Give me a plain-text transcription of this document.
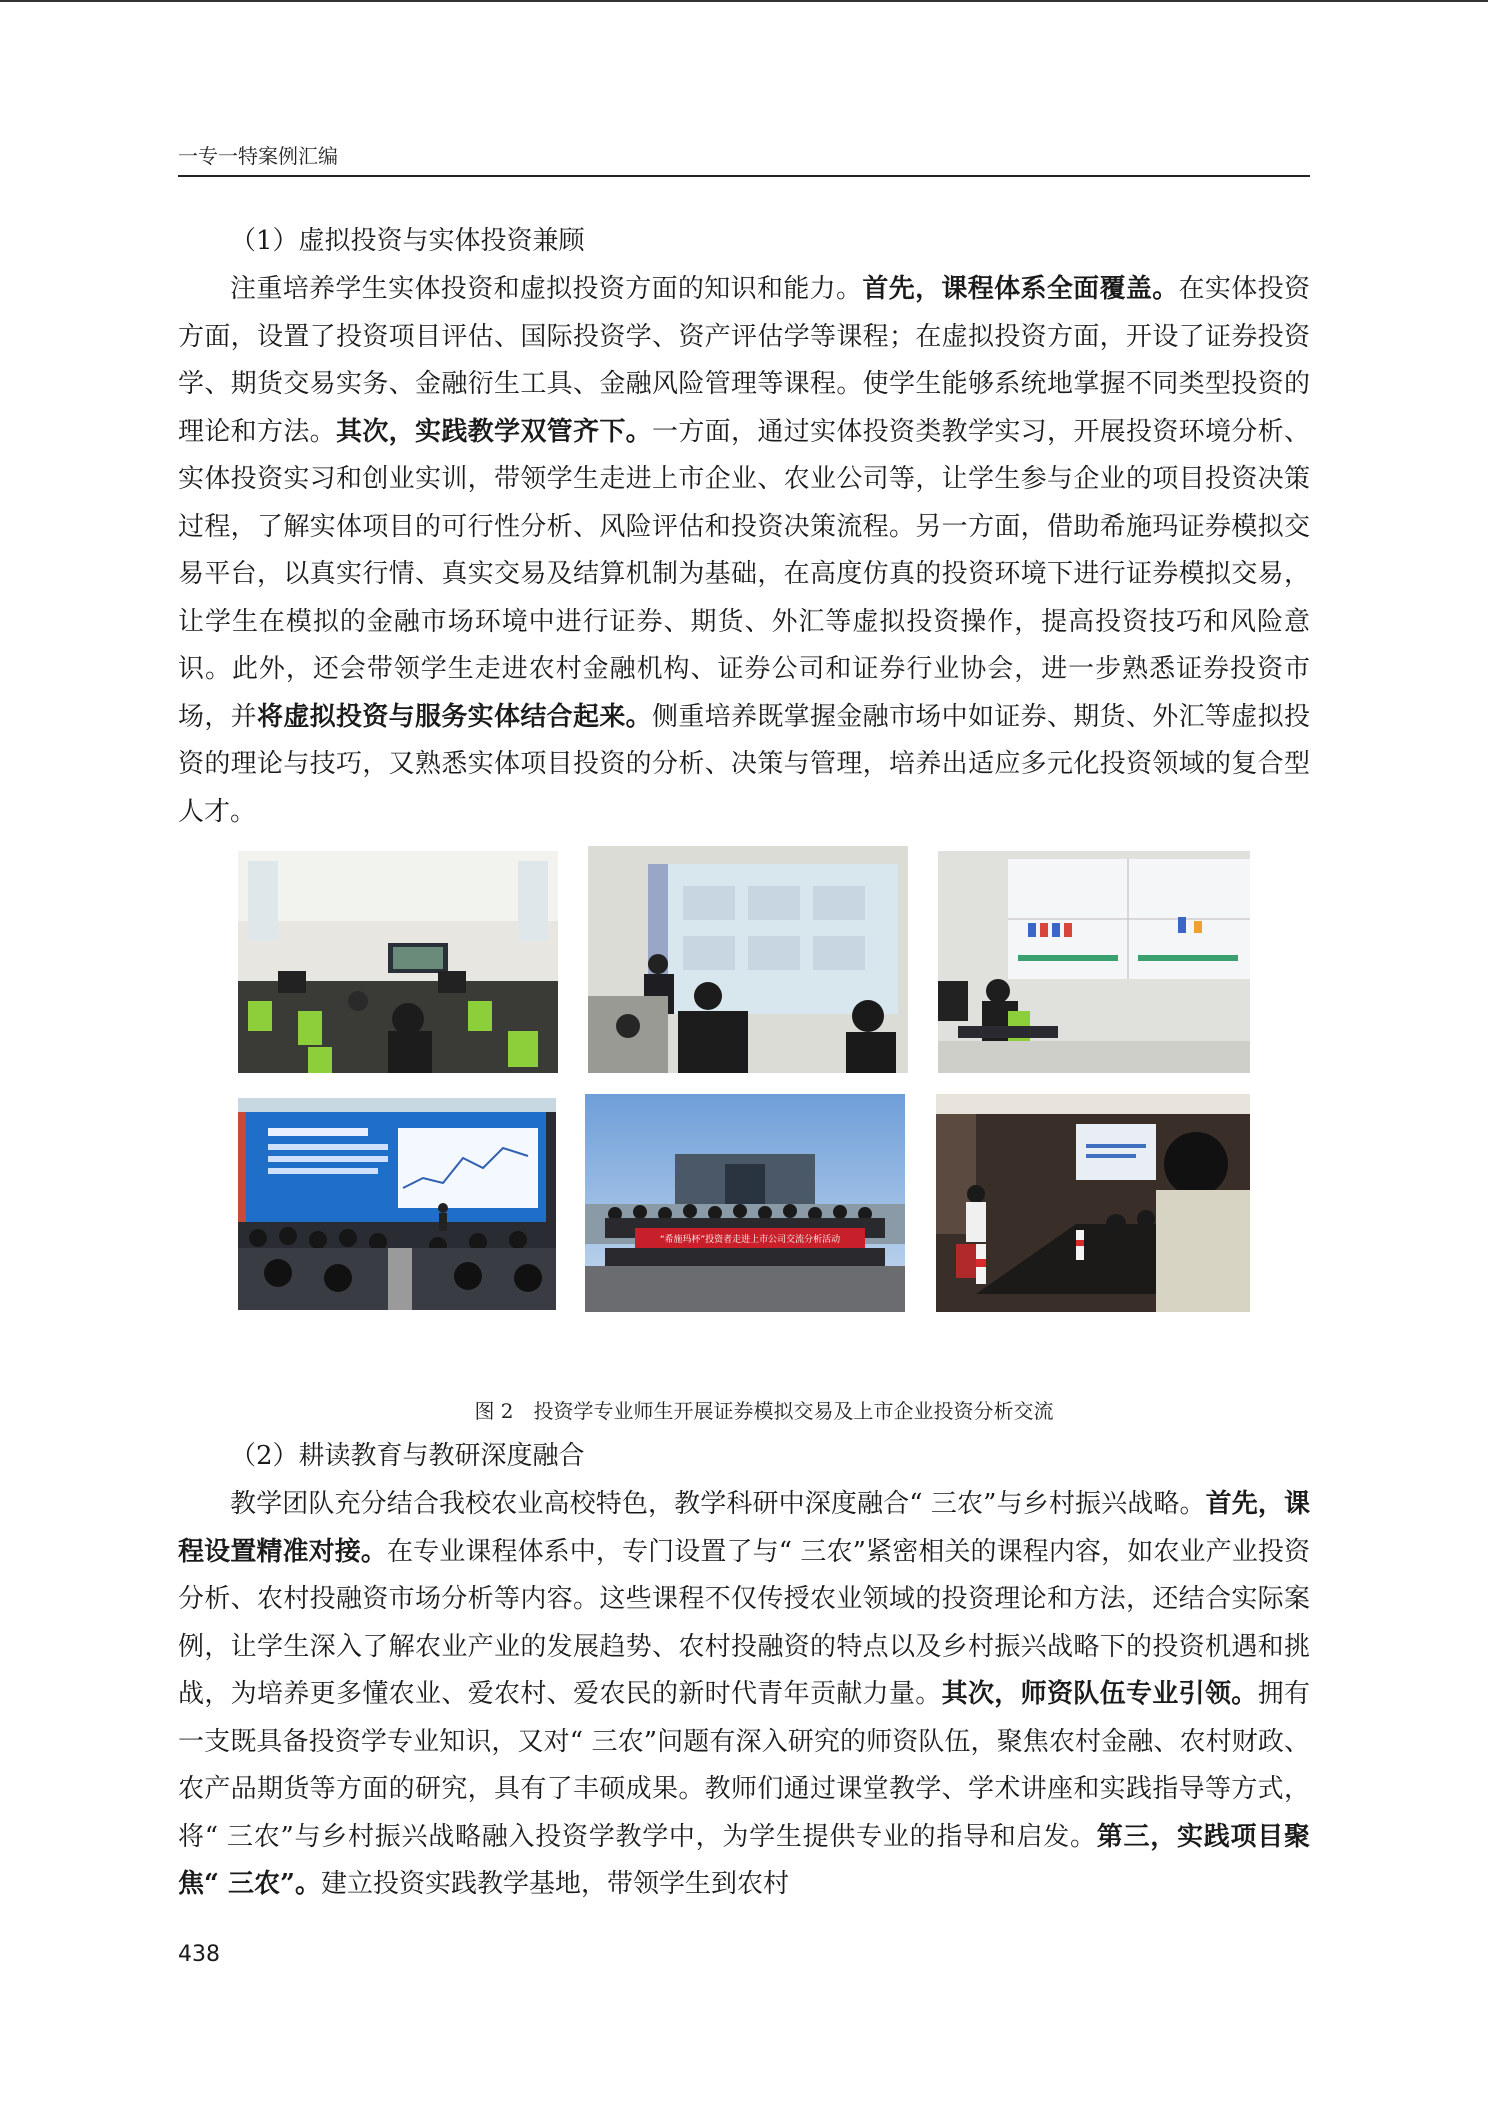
一专一特案例汇编
（1）虚拟投资与实体投资兼顾

注重培养学生实体投资和虚拟投资方面的知识和能力。首先，课程体系全面覆盖。在实体投资方面，设置了投资项目评估、国际投资学、资产评估学等课程；在虚拟投资方面，开设了证券投资学、期货交易实务、金融衍生工具、金融风险管理等课程。使学生能够系统地掌握不同类型投资的理论和方法。其次，实践教学双管齐下。一方面，通过实体投资类教学实习，开展投资环境分析、实体投资实习和创业实训，带领学生走进上市企业、农业公司等，让学生参与企业的项目投资决策过程，了解实体项目的可行性分析、风险评估和投资决策流程。另一方面，借助希施玛证券模拟交易平台，以真实行情、真实交易及结算机制为基础，在高度仿真的投资环境下进行证券模拟交易，让学生在模拟的金融市场环境中进行证券、期货、外汇等虚拟投资操作，提高投资技巧和风险意识。此外，还会带领学生走进农村金融机构、证券公司和证券行业协会，进一步熟悉证券投资市场，并将虚拟投资与服务实体结合起来。侧重培养既掌握金融市场中如证券、期货、外汇等虚拟投资的理论与技巧，又熟悉实体项目投资的分析、决策与管理，培养出适应多元化投资领域的复合型人才。

“希施玛杯”投资者走进上市公司交流分析活动
图 2　投资学专业师生开展证券模拟交易及上市企业投资分析交流
（2）耕读教育与教研深度融合

教学团队充分结合我校农业高校特色，教学科研中深度融合“ 三农”与乡村振兴战略。首先，课程设置精准对接。在专业课程体系中，专门设置了与“ 三农”紧密相关的课程内容，如农业产业投资分析、农村投融资市场分析等内容。这些课程不仅传授农业领域的投资理论和方法，还结合实际案例，让学生深入了解农业产业的发展趋势、农村投融资的特点以及乡村振兴战略下的投资机遇和挑战，为培养更多懂农业、爱农村、爱农民的新时代青年贡献力量。其次，师资队伍专业引领。拥有一支既具备投资学专业知识，又对“ 三农”问题有深入研究的师资队伍，聚焦农村金融、农村财政、农产品期货等方面的研究，具有了丰硕成果。教师们通过课堂教学、学术讲座和实践指导等方式，将“ 三农”与乡村振兴战略融入投资学教学中，为学生提供专业的指导和启发。第三，实践项目聚焦“ 三农”。建立投资实践教学基地，带领学生到农村

438
